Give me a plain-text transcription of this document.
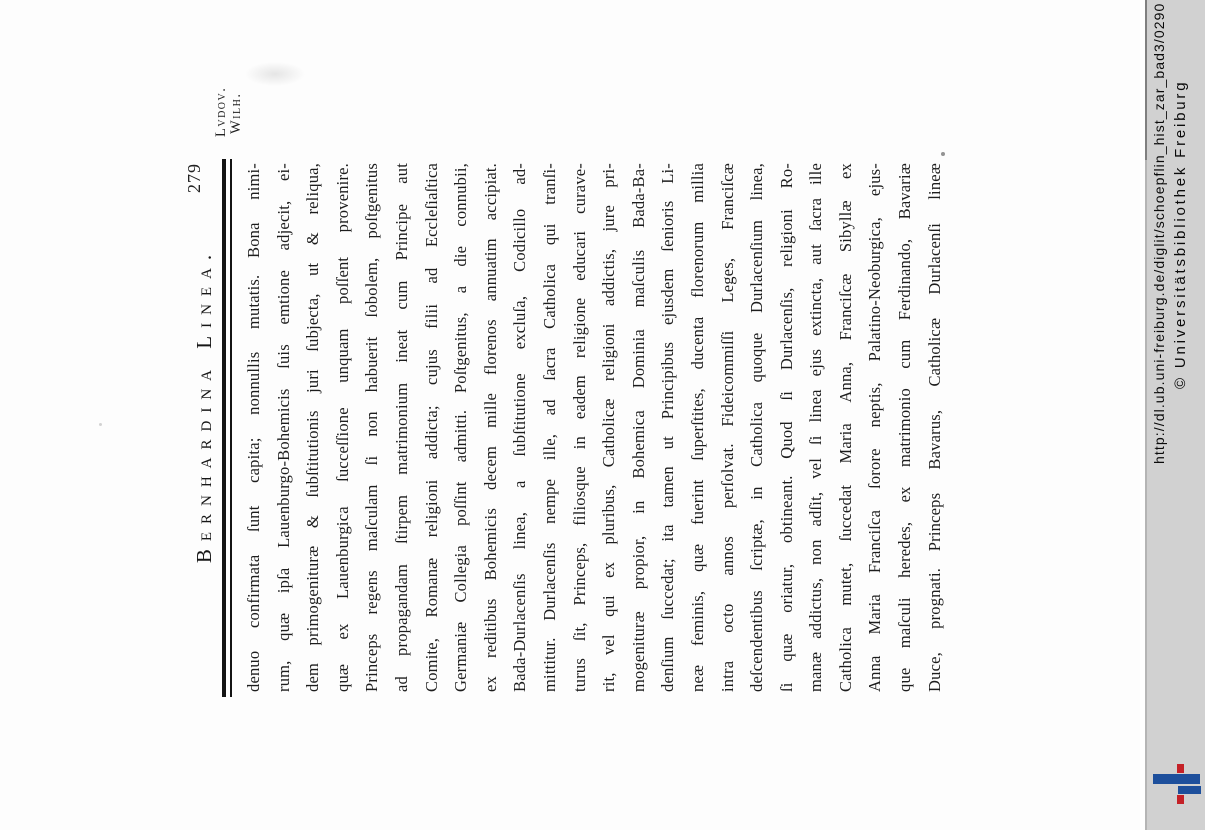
Lvdov. Wilh.
Bernhardina Linea.
279	denuo confirmata ſunt capita; nonnullis mutatis. Bona nimi- rum, quæ ipſa Lauenburgo-Bohemicis ſuis emtione adjecit, ei- dem primogenituræ & ſubſtitutionis juri ſubjecta, ut & reliqua, quæ ex Lauenburgica ſucceſſione unquam poſſent provenire. Princeps regens maſculam ſi non habuerit ſobolem, poſtgenitus ad propagandam ſtirpem matrimonium ineat cum Principe aut Comite, Romanæ religioni addicta; cujus filii ad Eccleſiaſtica Germaniæ Collegia poſſint admitti. Poſtgenitus, a die connubii, ex reditibus Bohemicis decem mille florenos annuatim accipiat. Bada-Durlacenſis linea, a ſubſtitutione excluſa, Codicillo ad- mittitur. Durlacenſis nempe ille, ad ſacra Catholica qui tranſi- turus ſit, Princeps, filiosque in eadem religione educari curave- rit, vel qui ex pluribus, Catholicæ religioni addictis, jure pri- mogenituræ propior, in Bohemica Dominia maſculis Bada-Ba- denſium ſuccedat; ita tamen ut Principibus ejusdem ſenioris Li- neæ feminis, quæ fuerint ſuperſtites, ducenta florenorum millia intra octo annos perſolvat. Fideicommiſſi Leges, Franciſcæ deſcendentibus ſcriptæ, in Catholica quoque Durlacenſium linea, ſi quæ oriatur, obtineant. Quod ſi Durlacenſis, religioni Ro- manæ addictus, non adſit, vel ſi linea ejus extincta, aut ſacra ille Catholica mutet, ſuccedat Maria Anna, Franciſcæ Sibyllæ ex Anna Maria Franciſca ſorore neptis, Palatino-Neoburgica, ejus- que maſculi heredes, ex matrimonio cum Ferdinando, Bavariæ Duce, prognati. Princeps Bavarus, Catholicæ Durlacenſi lineæ	http://dl.ub.uni-freiburg.de/diglit/schoepflin_hist_zar_bad3/0290 © Universitätsbibliothek Freiburg
